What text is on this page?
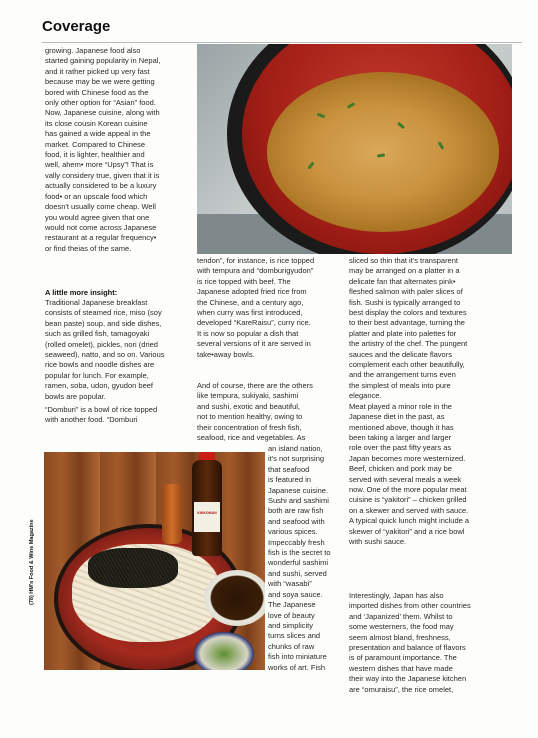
Coverage
KIKKOMAN
(78) HM's Food & Wine Magazine
growing. Japanese food also
started gaining popularity in Nepal,
and it rather picked up very fast
because may be we were getting
bored with Chinese food as the
only other option for “Asian” food.
Now, Japanese cuisine, along with
its close cousin Korean cuisine
has gained a wide appeal in the
market. Compared to Chinese
food, it is lighter, healthier and
well, ahem• more “Upsy”! That is
vally considery true, given that it is
actually considered to be a luxury
food• or an upscale food which
doesn't usually come cheap. Well
you would agree given that one
would not come across Japanese
restaurant at a regular frequency•
or find theias of the same.
A little more insight:
Traditional Japanese breakfast
consists of steamed rice, miso (soy
bean paste) soup, and side dishes,
such as grilled fish, tamagoyaki
(rolled omelet), pickles, nori (dried
seaweed), natto, and so on. Various
rice bowls and noodle dishes are
popular for lunch. For example,
ramen, soba, udon, gyudon beef
bowls are popular.
“Domburi” is a bowl of rice topped
with another food. “Domburi
tendon”, for instance, is rice topped
with tempura and “domburigyudon”
is rice topped with beef. The
Japanese adopted fried rice from
the Chinese, and a century ago,
when curry was first introduced,
developed “KareRaisu”, curry rice.
It is now so popular a dish that
several versions of it are served in
take•away bowls.
And of course, there are the others
like tempura, sukiyaki, sashimi
and sushi, exotic and beautiful,
not to mention healthy, owing to
their concentration of fresh fish,
seafood, rice and vegetables. As
an island nation,
it's not surprising
that seafood
is featured in
Japanese cuisine.
Sushi and sashimi
both are raw fish
and seafood with
various spices.
Impeccably fresh
fish is the secret to
wonderful sashimi
and sushi, served
with “wasabi”
and soya sauce.
The Japanese
love of beauty
and simplicity
turns slices and
chunks of raw
fish into miniature
works of art. Fish
sliced so thin that it's transparent
may be arranged on a platter in a
delicate fan that alternates pink•
fleshed salmon with paler slices of
fish. Sushi is typically arranged to
best display the colors and textures
to their best advantage, turning the
platter and plate into palettes for
the artistry of the chef. The pungent
sauces and the delicate flavors
complement each other beautifully,
and the arrangement turns even
the simplest of meals into pure
elegance.
Meat played a minor role in the
Japanese diet in the past, as
mentioned above, though it has
been taking a larger and larger
role over the past fifty years as
Japan becomes more westernized.
Beef, chicken and pork may be
served with several meals a week
now. One of the more popular meat
cuisine is “yakitori” – chicken grilled
on a skewer and served with sauce.
A typical quick lunch might include a
skewer of “yakitori” and a rice bowl
with sushi sauce.
Interestingly, Japan has also
imported dishes from other countries
and ‘Japanized’ them. Whilst to
some westerners, the food may
seem almost bland, freshness,
presentation and balance of flavors
is of paramount importance. The
western dishes that have made
their way into the Japanese kitchen
are “omuraisu”, the rice omelet,
